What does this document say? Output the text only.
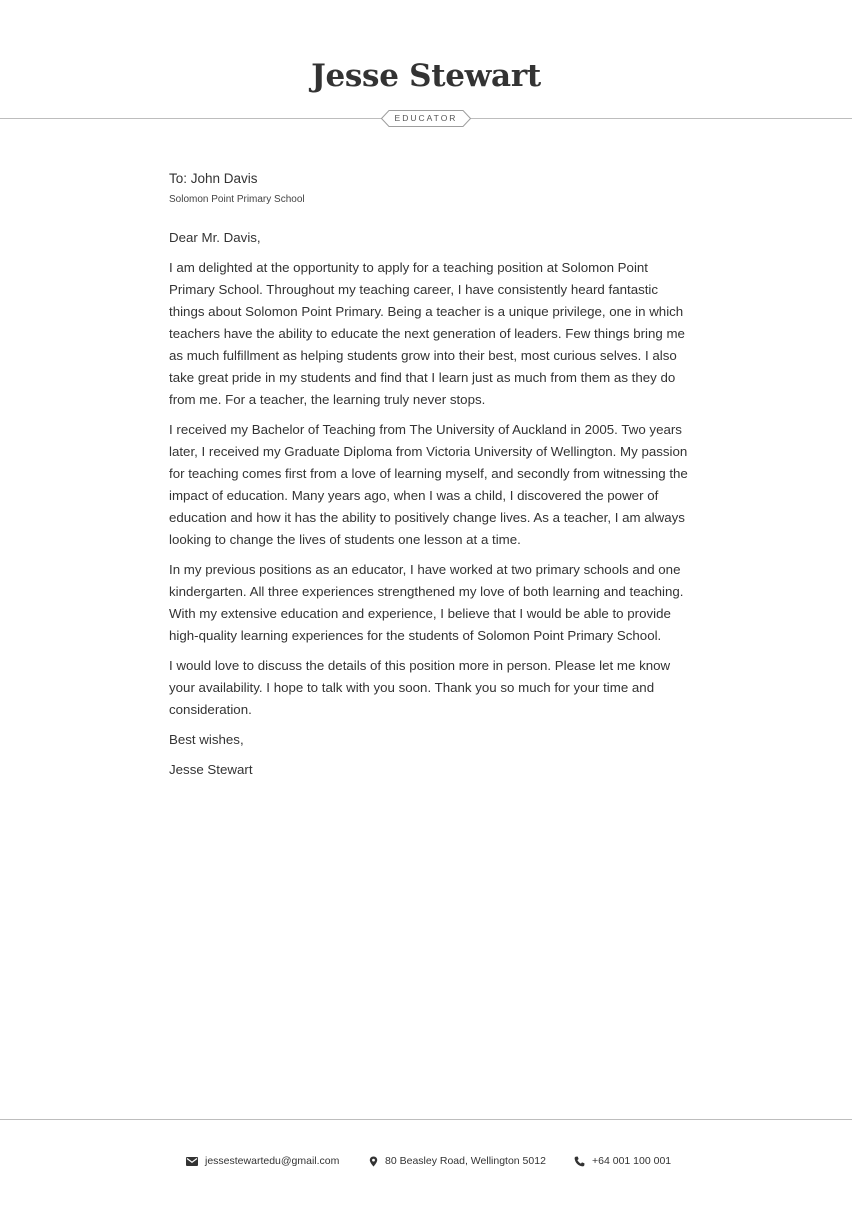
Jesse Stewart
EDUCATOR
To: John Davis
Solomon Point Primary School
Dear Mr. Davis,

I am delighted at the opportunity to apply for a teaching position at Solomon Point Primary School. Throughout my teaching career, I have consistently heard fantastic things about Solomon Point Primary. Being a teacher is a unique privilege, one in which teachers have the ability to educate the next generation of leaders. Few things bring me as much fulfillment as helping students grow into their best, most curious selves. I also take great pride in my students and find that I learn just as much from them as they do from me. For a teacher, the learning truly never stops.

I received my Bachelor of Teaching from The University of Auckland in 2005. Two years later, I received my Graduate Diploma from Victoria University of Wellington. My passion for teaching comes first from a love of learning myself, and secondly from witnessing the impact of education. Many years ago, when I was a child, I discovered the power of education and how it has the ability to positively change lives. As a teacher, I am always looking to change the lives of students one lesson at a time.

In my previous positions as an educator, I have worked at two primary schools and one kindergarten. All three experiences strengthened my love of both learning and teaching. With my extensive education and experience, I believe that I would be able to provide high-quality learning experiences for the students of Solomon Point Primary School.

I would love to discuss the details of this position more in person. Please let me know your availability. I hope to talk with you soon. Thank you so much for your time and consideration.

Best wishes,
Jesse Stewart
jessestewartedu@gmail.com	80 Beasley Road, Wellington 5012	+64 001 100 001
